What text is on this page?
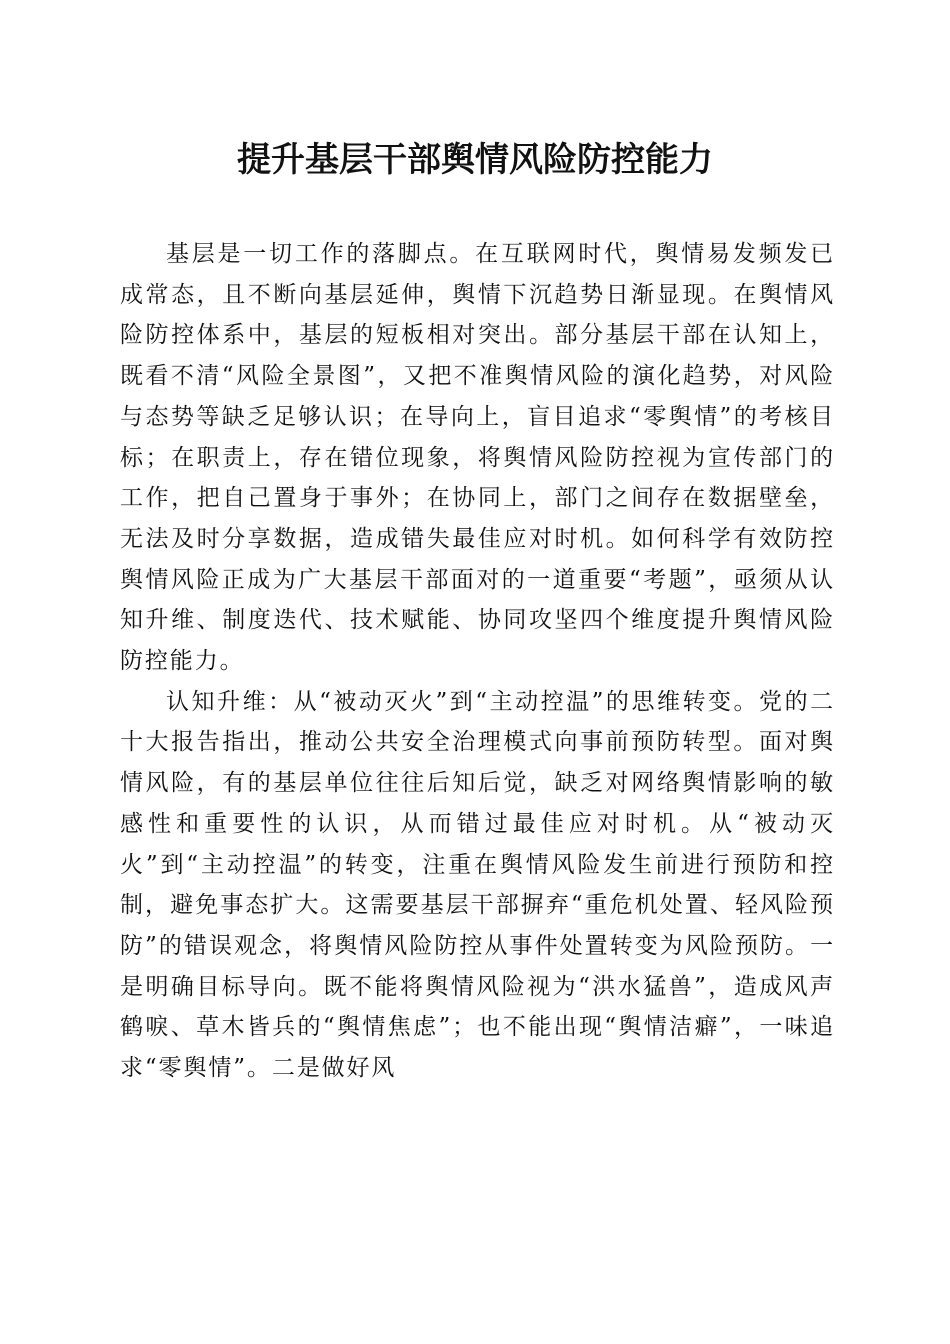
提升基层干部舆情风险防控能力

基层是一切工作的落脚点。在互联网时代，舆情易发频发已成常态，且不断向基层延伸，舆情下沉趋势日渐显现。在舆情风险防控体系中，基层的短板相对突出。部分基层干部在认知上，既看不清“风险全景图”，又把不准舆情风险的演化趋势，对风险与态势等缺乏足够认识；在导向上，盲目追求“零舆情”的考核目标；在职责上，存在错位现象，将舆情风险防控视为宣传部门的工作，把自己置身于事外；在协同上，部门之间存在数据壁垒，无法及时分享数据，造成错失最佳应对时机。如何科学有效防控舆情风险正成为广大基层干部面对的一道重要“考题”，亟须从认知升维、制度迭代、技术赋能、协同攻坚四个维度提升舆情风险防控能力。

认知升维：从“被动灭火”到“主动控温”的思维转变。党的二十大报告指出，推动公共安全治理模式向事前预防转型。面对舆情风险，有的基层单位往往后知后觉，缺乏对网络舆情影响的敏感性和重要性的认识，从而错过最佳应对时机。从“被动灭火”到“主动控温”的转变，注重在舆情风险发生前进行预防和控制，避免事态扩大。这需要基层干部摒弃“重危机处置、轻风险预防”的错误观念，将舆情风险防控从事件处置转变为风险预防。一是明确目标导向。既不能将舆情风险视为“洪水猛兽”，造成风声鹤唳、草木皆兵的“舆情焦虑”；也不能出现“舆情洁癖”，一味追求“零舆情”。二是做好风
